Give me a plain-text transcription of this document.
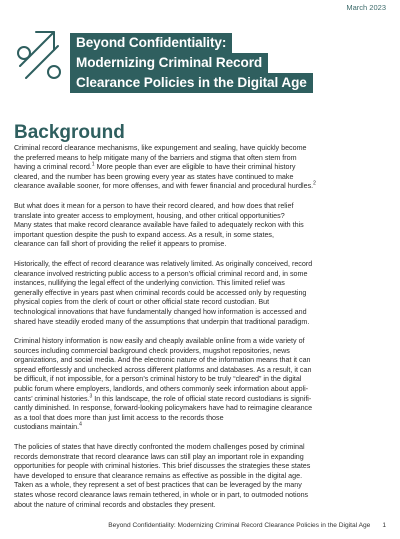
March 2023
Beyond Confidentiality:
Modernizing Criminal Record
Clearance Policies in the Digital Age
Background

Criminal record clearance mechanisms, like expungement and sealing, have quickly become
the preferred means to help mitigate many of the barriers and stigma that often stem from
having a criminal record.$^1$ More people than ever are eligible to have their criminal history
cleared, and the number has been growing every year as states have continued to make
clearance available sooner, for more offenses, and with fewer financial and procedural hurdles.$^2$

But what does it mean for a person to have their record cleared, and how does that relief
translate into greater access to employment, housing, and other critical opportunities?
Many states that make record clearance available have failed to adequately reckon with this
important question despite the push to expand access. As a result, in some states,
clearance can fall short of providing the relief it appears to promise.

Historically, the effect of record clearance was relatively limited. As originally conceived, record
clearance involved restricting public access to a person’s official criminal record and, in some
instances, nullifying the legal effect of the underlying conviction. This limited relief was
generally effective in years past when criminal records could be accessed only by requesting
physical copies from the clerk of court or other official state record custodian. But
technological innovations that have fundamentally changed how information is accessed and
shared have steadily eroded many of the assumptions that underpin that traditional paradigm.

Criminal history information is now easily and cheaply available online from a wide variety of
sources including commercial background check providers, mugshot repositories, news
organizations, and social media. And the electronic nature of the information means that it can
spread effortlessly and unchecked across different platforms and databases. As a result, it can
be difficult, if not impossible, for a person’s criminal history to be truly “cleared” in the digital
public forum where employers, landlords, and others commonly seek information about appli-
cants’ criminal histories.$^3$ In this landscape, the role of official state record custodians is signifi-
cantly diminished. In response, forward-looking policymakers have had to reimagine clearance
as a tool that does more than just limit access to the records those
custodians maintain.$^4$

The policies of states that have directly confronted the modern challenges posed by criminal
records demonstrate that record clearance laws can still play an important role in expanding
opportunities for people with criminal histories. This brief discusses the strategies these states
have developed to ensure that clearance remains as effective as possible in the digital age.
Taken as a whole, they represent a set of best practices that can be leveraged by the many
states whose record clearance laws remain tethered, in whole or in part, to outmoded notions
about the nature of criminal records and obstacles they present.

Beyond Confidentiality: Modernizing Criminal Record Clearance Policies in the Digital Age 1
